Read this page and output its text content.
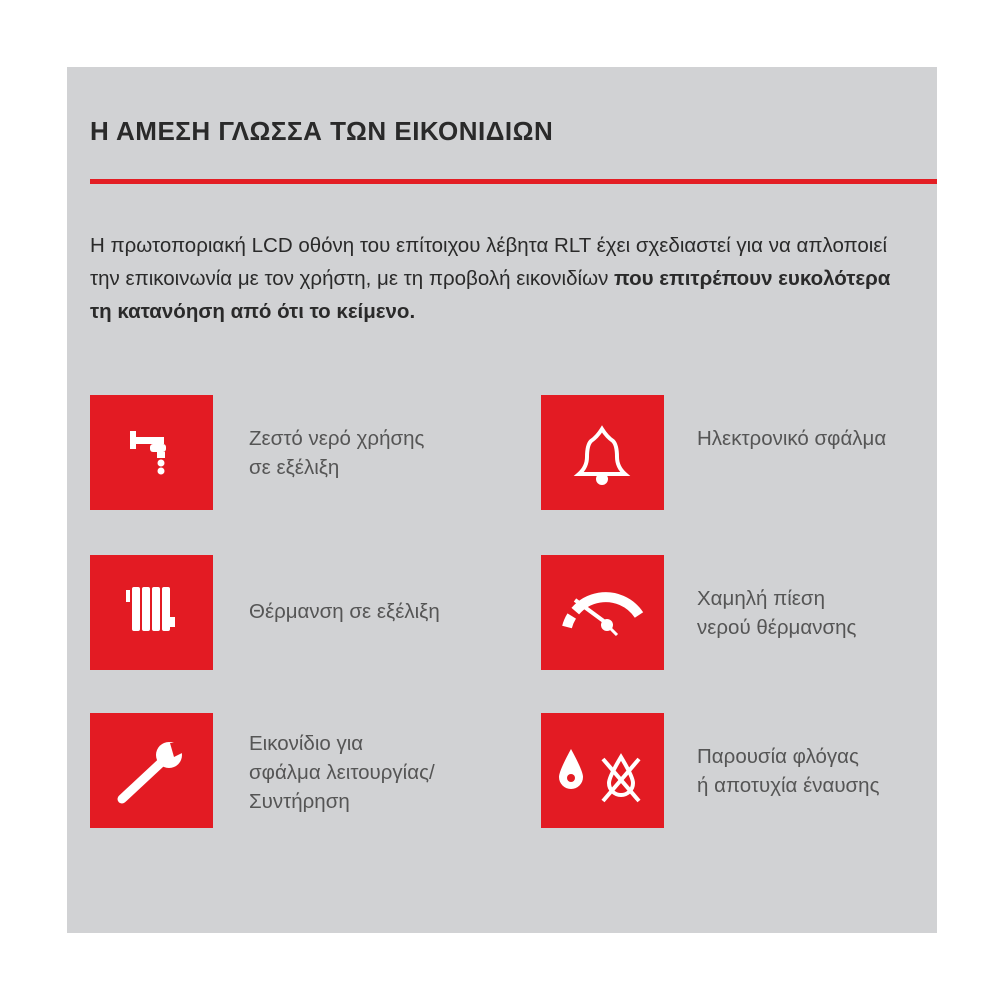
Η ΑΜΕΣΗ ΓΛΩΣΣΑ ΤΩΝ ΕΙΚΟΝΙΔΙΩΝ
Η πρωτοποριακή LCD οθόνη του επίτοιχου λέβητα RLT έχει σχεδιαστεί για να απλοποιεί την επικοινωνία με τον χρήστη, με τη προβολή εικονιδίων που επιτρέπουν ευκολότερα τη κατανόηση από ότι το κείμενο.
Ζεστό νερό χρήσης
σε εξέλιξη
Ηλεκτρονικό σφάλμα
Θέρμανση σε εξέλιξη
Χαμηλή πίεση
νερού θέρμανσης
Εικονίδιο για
σφάλμα λειτουργίας/
Συντήρηση
Παρουσία φλόγας
ή αποτυχία έναυσης
